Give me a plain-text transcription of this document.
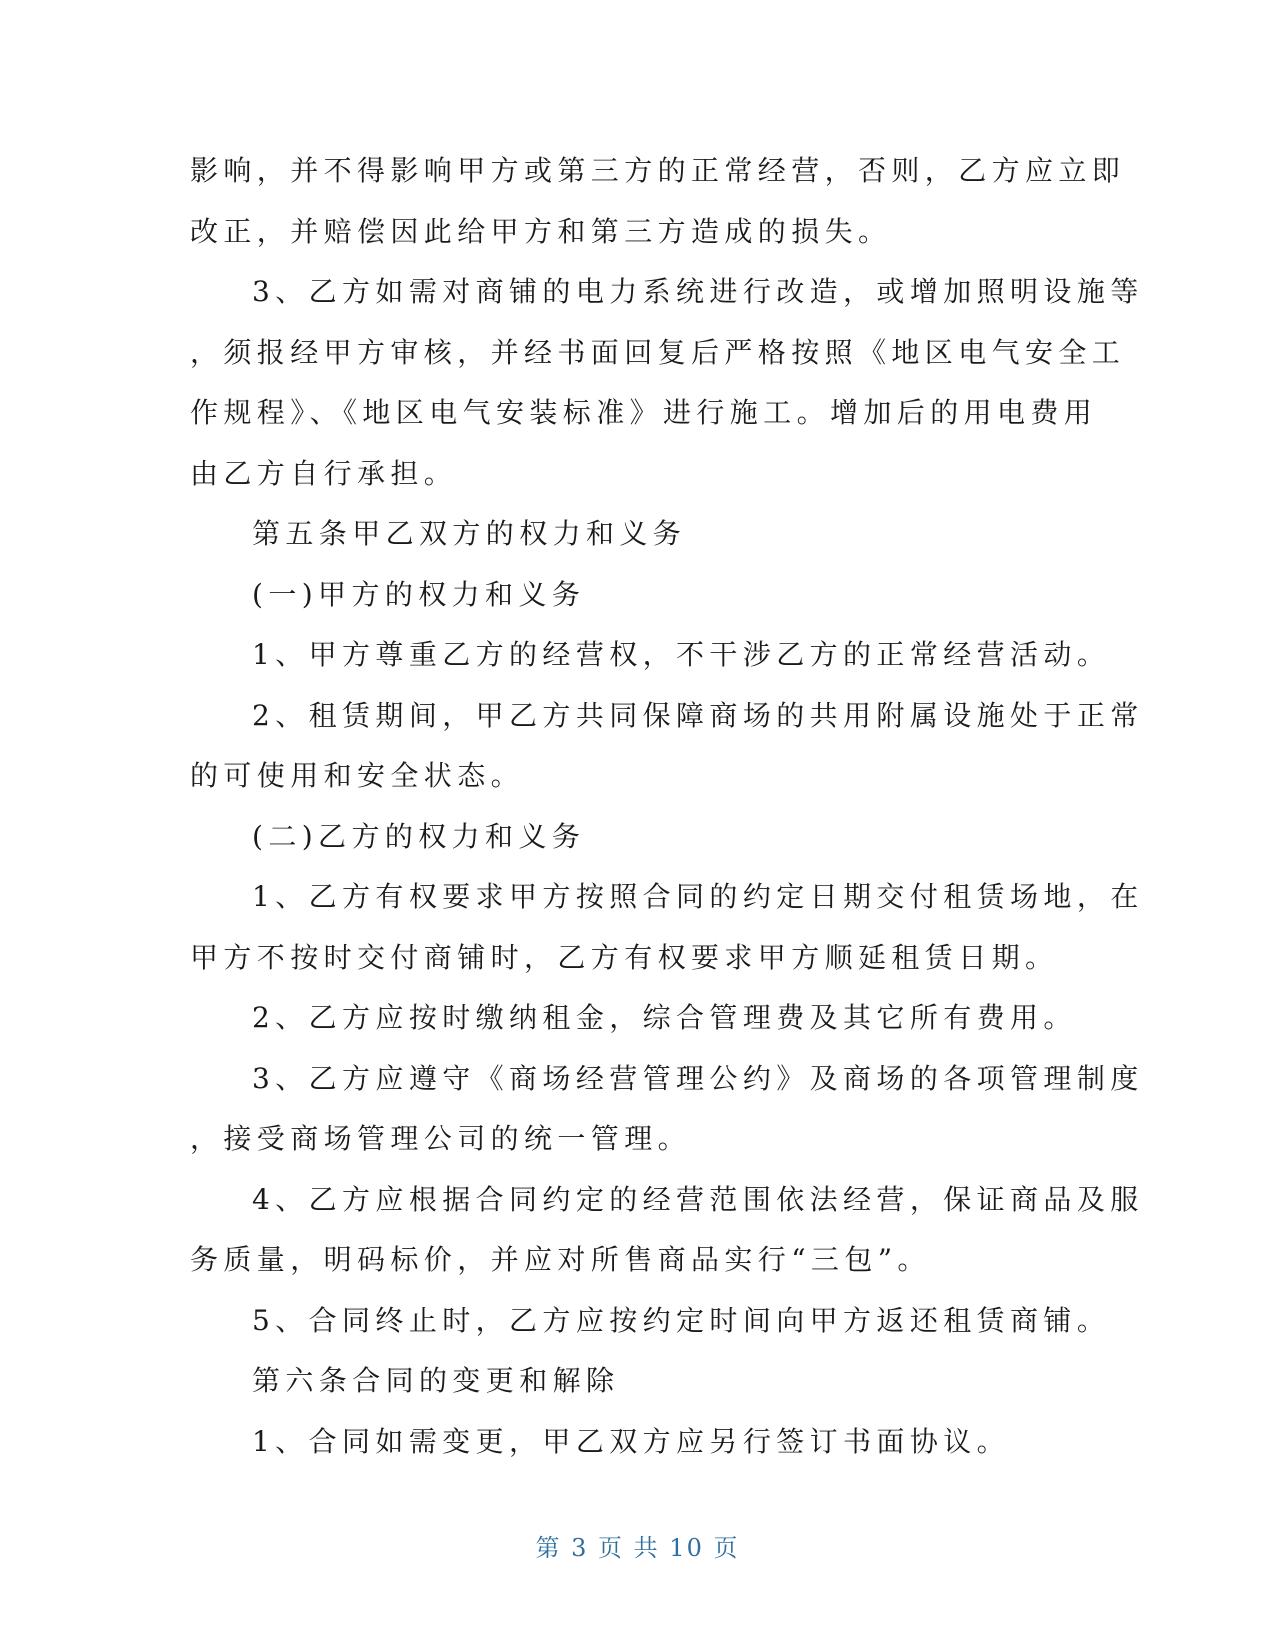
影响，并不得影响甲方或第三方的正常经营，否则，乙方应立即
改正，并赔偿因此给甲方和第三方造成的损失。
3、乙方如需对商铺的电力系统进行改造，或增加照明设施等
，须报经甲方审核，并经书面回复后严格按照《地区电气安全工
作规程》、《地区电气安装标准》进行施工。增加后的用电费用
由乙方自行承担。
第五条甲乙双方的权力和义务
(一)甲方的权力和义务
1、甲方尊重乙方的经营权，不干涉乙方的正常经营活动。
2、租赁期间，甲乙方共同保障商场的共用附属设施处于正常
的可使用和安全状态。
(二)乙方的权力和义务
1、乙方有权要求甲方按照合同的约定日期交付租赁场地，在
甲方不按时交付商铺时，乙方有权要求甲方顺延租赁日期。
2、乙方应按时缴纳租金，综合管理费及其它所有费用。
3、乙方应遵守《商场经营管理公约》及商场的各项管理制度
，接受商场管理公司的统一管理。
4、乙方应根据合同约定的经营范围依法经营，保证商品及服
务质量，明码标价，并应对所售商品实行“三包”。
5、合同终止时，乙方应按约定时间向甲方返还租赁商铺。
第六条合同的变更和解除
1、合同如需变更，甲乙双方应另行签订书面协议。
第 3 页 共 10 页
